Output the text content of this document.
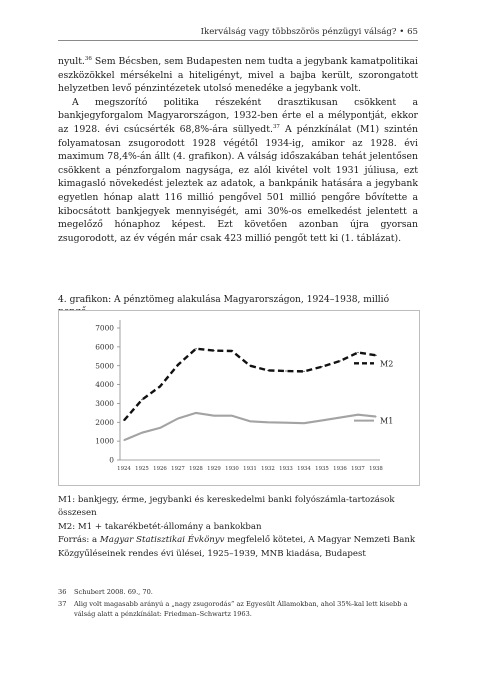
Ikerválság vagy többszörös pénzügyi válság? • 65

nyult.$^{36}$ Sem Bécsben, sem Budapesten nem tudta a jegybank kamatpolitikai eszközökkel mérsékelni a hiteligényt, mivel a bajba került, szorongatott helyzetben levő pénzintézetek utolsó menedéke a jegybank volt.

A megszorító politika részeként drasztikusan csökkent a bankjegyforgalom Magyarországon, 1932-ben érte el a mélypontját, ekkor az 1928. évi csúcsérték 68,8%-ára süllyedt.$^{37}$ A pénzkínálat (M1) szintén folyamatosan zsugorodott 1928 végétől 1934-ig, amikor az 1928. évi maximum 78,4%-án állt (4. grafikon). A válság időszakában tehát jelentősen csökkent a pénzforgalom nagysága, ez alól kivétel volt 1931 júliusa, ezt kimagasló növekedést jeleztek az adatok, a bankpánik hatására a jegybank egyetlen hónap alatt 116 millió pengővel 501 millió pengőre bővítette a kibocsátott bankjegyek mennyiségét, ami 30%-os emelkedést jelentett a megelőző hónaphoz képest. Ezt követően azonban újra gyorsan zsugorodott, az év végén már csak 423 millió pengőt tett ki (1. táblázat).

4. grafikon: A pénztömeg alakulása Magyarországon, 1924–1938, millió
0
1000
2000
3000
4000
5000
6000
7000
1924 1925 1926 1927 1928 1929 1930 1931 1932 1933 1934 1935 1936 1937 1938
M2
M1
M1: bankjegy, érme, jegybanki és kereskedelmi banki folyószámla-tartozások összesen
M2: M1 + takarékbetét-állomány a bankokban
Forrás: a Magyar Statisztikai Évkönyv megfelelő kötetei, A Magyar Nemzeti Bank Közgyűléseinek rendes évi ülései, 1925–1939, MNB kiadása, Budapest
36	Schubert 2008. 69., 70.
37	Alig volt magasabb arányú a „nagy zsugorodás” az Egyesült Államokban, ahol 35%-kal lett kisebb a válság alatt a pénzkínálat: Friedman–Schwartz 1963.
